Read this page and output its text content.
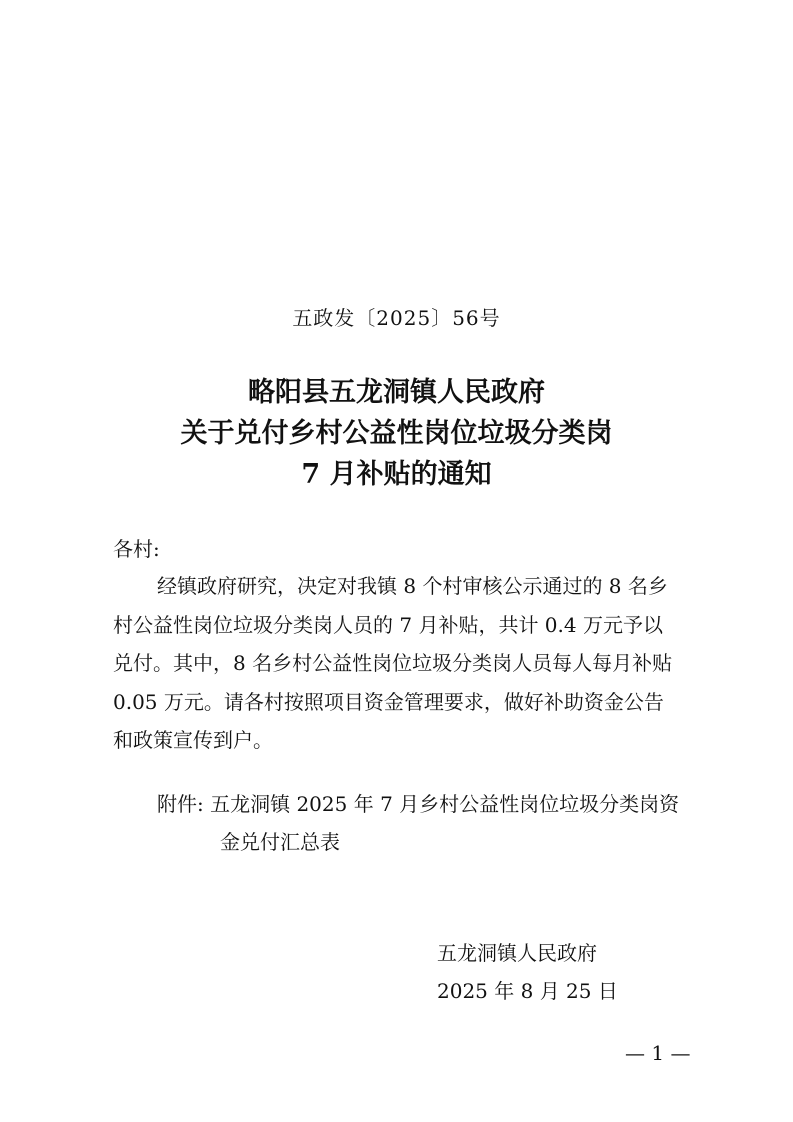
五政发〔2025〕56号
略阳县五龙洞镇人民政府
关于兑付乡村公益性岗位垃圾分类岗
7 月补贴的通知
各村:
经镇政府研究，决定对我镇 8 个村审核公示通过的 8 名乡
村公益性岗位垃圾分类岗人员的 7 月补贴，共计 0.4 万元予以
兑付。其中，8 名乡村公益性岗位垃圾分类岗人员每人每月补贴
0.05 万元。请各村按照项目资金管理要求，做好补助资金公告
和政策宣传到户。
附件: 五龙洞镇 2025 年 7 月乡村公益性岗位垃圾分类岗资
金兑付汇总表
五龙洞镇人民政府
2025 年 8 月 25 日
— 1 —
